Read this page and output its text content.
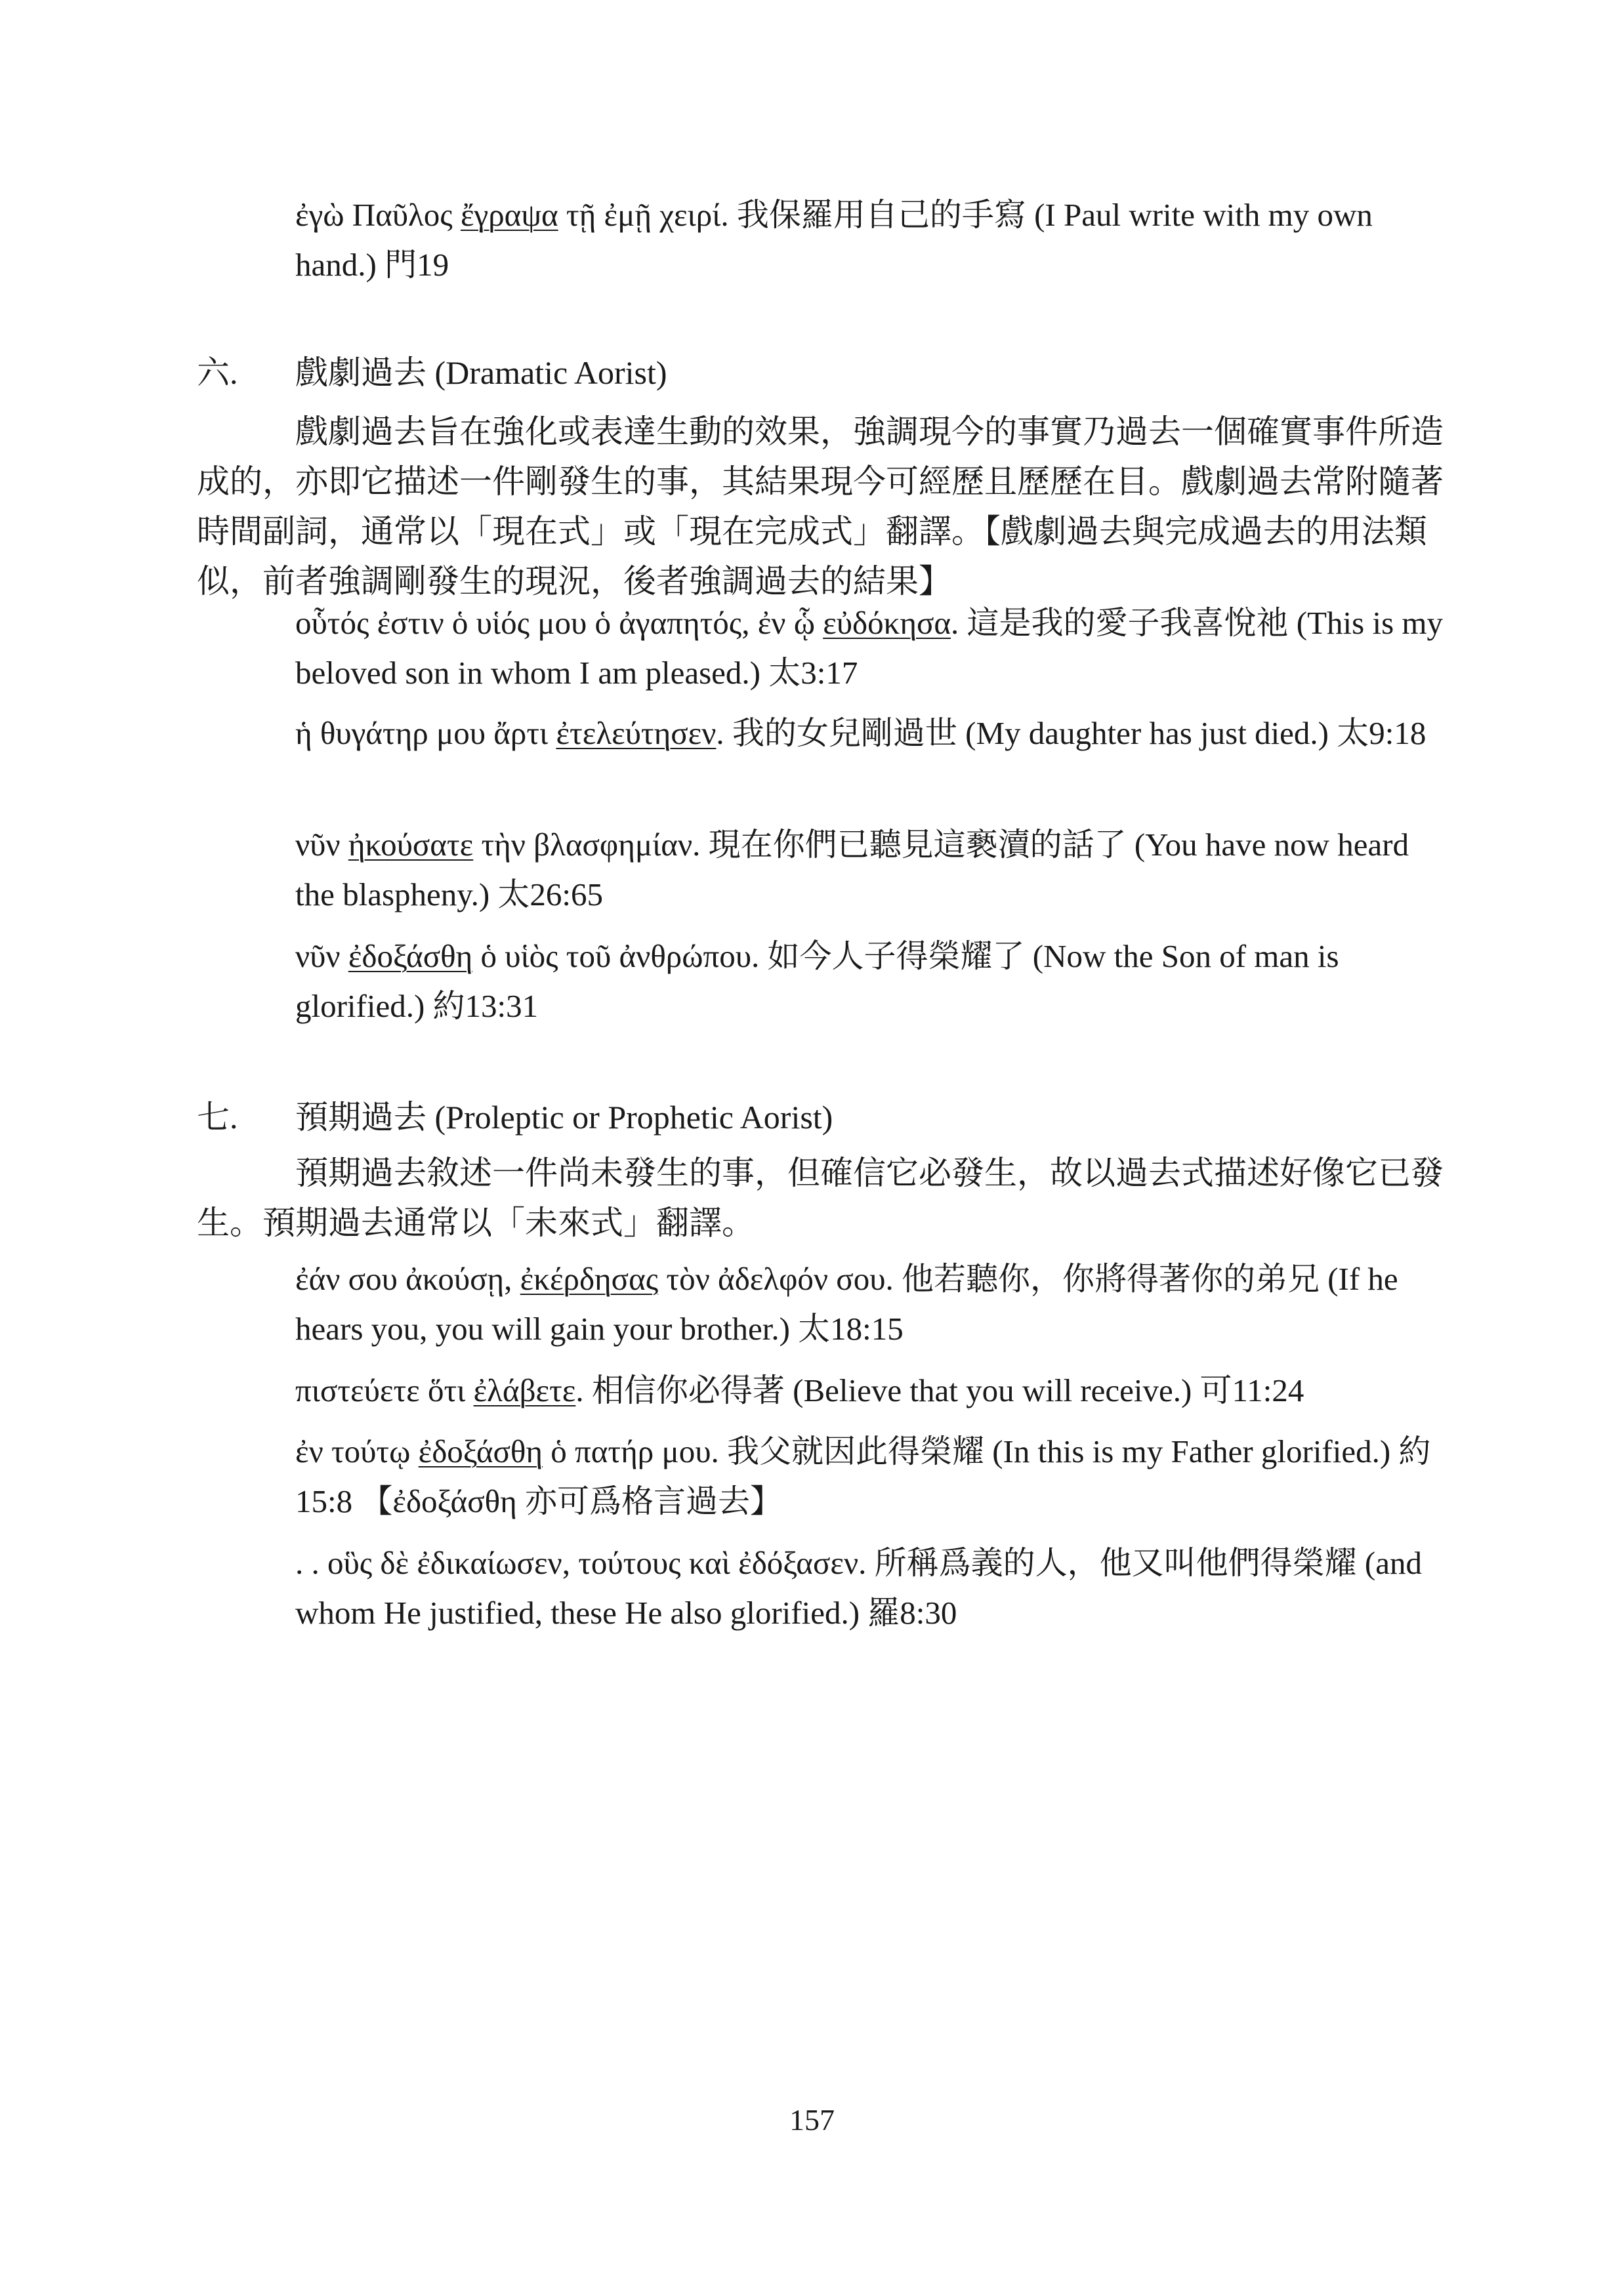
ἐγὼ Παῦλος ἔγραψα τῇ ἐμῇ χειρί. 我保羅用自己的手寫 (I Paul write with my own hand.) 門19

六. 戲劇過去 (Dramatic Aorist)

戲劇過去旨在強化或表達生動的效果，強調現今的事實乃過去一個確實事件所造成的，亦即它描述一件剛發生的事，其結果現今可經歷且歷歷在目。戲劇過去常附隨著時間副詞，通常以「現在式」或「現在完成式」翻譯。【戲劇過去與完成過去的用法類似，前者強調剛發生的現況，後者強調過去的結果】

οὗτός ἐστιν ὁ υἱός μου ὁ ἀγαπητός, ἐν ᾧ εὐδόκησα. 這是我的愛子我喜悅祂 (This is my beloved son in whom I am pleased.) 太3:17

ἡ θυγάτηρ μου ἄρτι ἐτελεύτησεν. 我的女兒剛過世 (My daughter has just died.) 太9:18

νῦν ἠκούσατε τὴν βλασφημίαν. 現在你們已聽見這褻瀆的話了 (You have now heard the blaspheny.) 太26:65

νῦν ἐδοξάσθη ὁ υἱὸς τοῦ ἀνθρώπου. 如今人子得榮耀了 (Now the Son of man is glorified.) 約13:31

七. 預期過去 (Proleptic or Prophetic Aorist)

預期過去敘述一件尚未發生的事，但確信它必發生，故以過去式描述好像它已發生。預期過去通常以「未來式」翻譯。

ἐάν σου ἀκούσῃ, ἐκέρδησας τὸν ἀδελφόν σου. 他若聽你，你將得著你的弟兄 (If he hears you, you will gain your brother.) 太18:15

πιστεύετε ὅτι ἐλάβετε. 相信你必得著 (Believe that you will receive.) 可11:24

ἐν τούτῳ ἐδοξάσθη ὁ πατήρ μου. 我父就因此得榮耀 (In this is my Father glorified.) 約15:8 【ἐδοξάσθη 亦可爲格言過去】

. . οὓς δὲ ἐδικαίωσεν, τούτους καὶ ἐδόξασεν. 所稱爲義的人，他又叫他們得榮耀 (and whom He justified, these He also glorified.) 羅8:30

157
